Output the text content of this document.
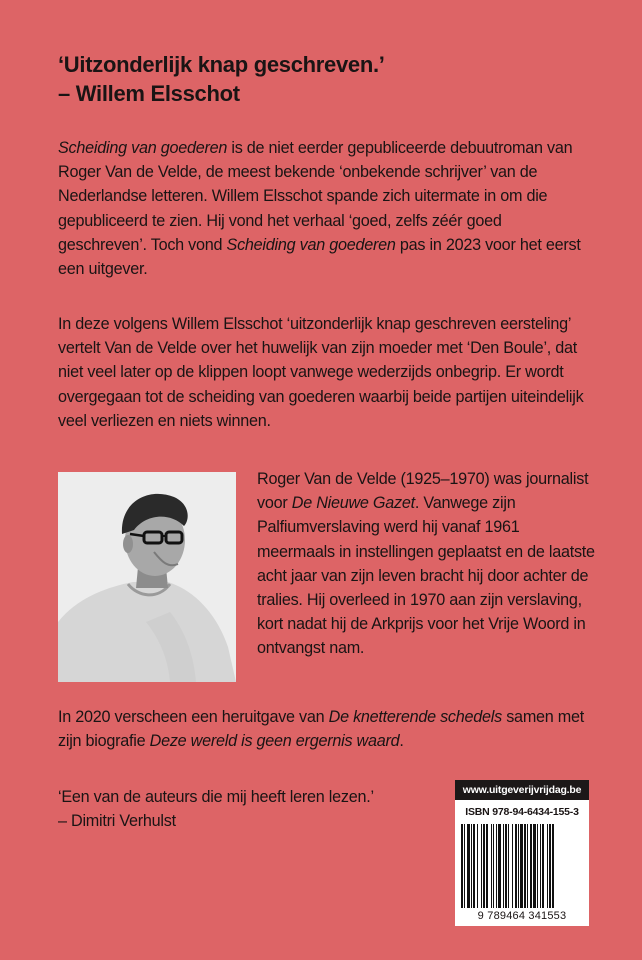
‘Uitzonderlijk knap geschreven.’
– Willem Elsschot

Scheiding van goederen is de niet eerder gepubliceerde debuutroman van Roger Van de Velde, de meest bekende ‘onbekende schrijver’ van de Nederlandse letteren. Willem Elsschot spande zich uitermate in om die gepubliceerd te zien. Hij vond het verhaal ‘goed, zelfs zéér goed geschreven’. Toch vond Scheiding van goederen pas in 2023 voor het eerst een uitgever.

In deze volgens Willem Elsschot ‘uitzonderlijk knap geschreven eersteling’ vertelt Van de Velde over het huwelijk van zijn moeder met ‘Den Boule’, dat niet veel later op de klippen loopt vanwege wederzijds onbegrip. Er wordt overgegaan tot de scheiding van goederen waarbij beide partijen uiteindelijk veel verliezen en niets winnen.

Roger Van de Velde (1925–1970) was journalist voor De Nieuwe Gazet. Vanwege zijn Palfiumverslaving werd hij vanaf 1961 meermaals in instellingen geplaatst en de laatste acht jaar van zijn leven bracht hij door achter de tralies. Hij overleed in 1970 aan zijn verslaving, kort nadat hij de Arkprijs voor het Vrije Woord in ontvangst nam.

In 2020 verscheen een heruitgave van De knetterende schedels samen met zijn biografie Deze wereld is geen ergernis waard.

‘Een van de auteurs die mij heeft leren lezen.’
– Dimitri Verhulst
www.uitgeverijvrijdag.be
ISBN 978-94-6434-155-3
9 789464 341553
